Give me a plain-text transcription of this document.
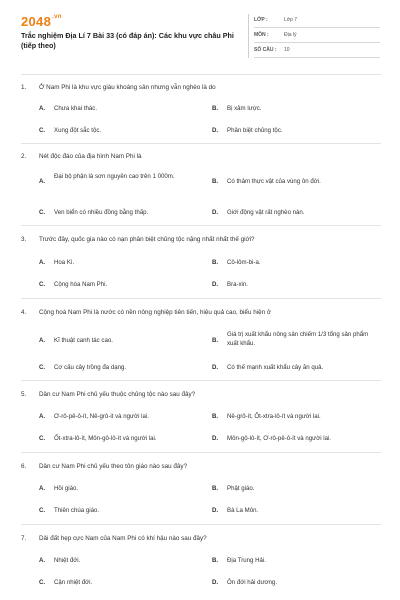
$2048^{.vn}$
Trắc nghiệm Địa Lí 7 Bài 33 (có đáp án): Các khu vực châu Phi (tiếp theo)
LỚP :	Lớp 7
MÔN :	Địa lý
SỐ CÂU : 10
1. Ở Nam Phi là khu vực giàu khoáng sản nhưng vẫn nghèo là do
A. Chưa khai thác.	B. Bị xâm lược.
C. Xung đột sắc tộc.	D. Phân biệt chủng tộc.
2. Nét độc đáo của địa hình Nam Phi là
A.
Đại bộ phận là sơn nguyên cao trên 1 000m.
B. Có thảm thực vật của vùng ôn đới.
C. Ven biển có nhiều đồng bằng thấp.	D. Giới động vật rất nghèo nàn.
3. Trước đây, quốc gia nào có nạn phân biệt chủng tộc nặng nhất nhất thế giới?
A. Hoa Kì.	B. Cô-lôm-bi-a.
C. Cộng hòa Nam Phi.	D. Bra-xin.
4. Cộng hoà Nam Phi là nước có nền nông nghiệp tiên tiến, hiệu quả cao, biểu hiện ở
A. Kĩ thuật canh tác cao.	B.
Giá trị xuất khẩu nông sản chiếm 1/3 tổng sản phẩm xuất khẩu.
C. Cơ cấu cây trồng đa dạng.	D. Có thế mạnh xuất khẩu cây ăn quả.
5. Dân cư Nam Phi chủ yếu thuộc chủng tộc nào sau đây?
A. Ơ-rô-pê-ô-ít, Nê-grô-it và người lai.	B. Nê-grô-ít, Ốt-xtra-lô-ít và người lai.
C. Ốt-xtra-lô-ít, Môn-gô-lô-ít và người lai.	D. Môn-gô-lô-ít, Ơ-rô-pê-ô-ít và người lai.
6. Dân cư Nam Phi chủ yếu theo tôn giáo nào sau đây?
A. Hồi giáo.	B. Phật giáo.
C. Thiên chúa giáo.	D. Bà La Môn.
7. Dải đất hẹp cực Nam của Nam Phi có khí hậu nào sau đây?
A. Nhiệt đới.	B. Địa Trung Hải.
C. Cận nhiệt đới.	D. Ôn đới hải dương.
